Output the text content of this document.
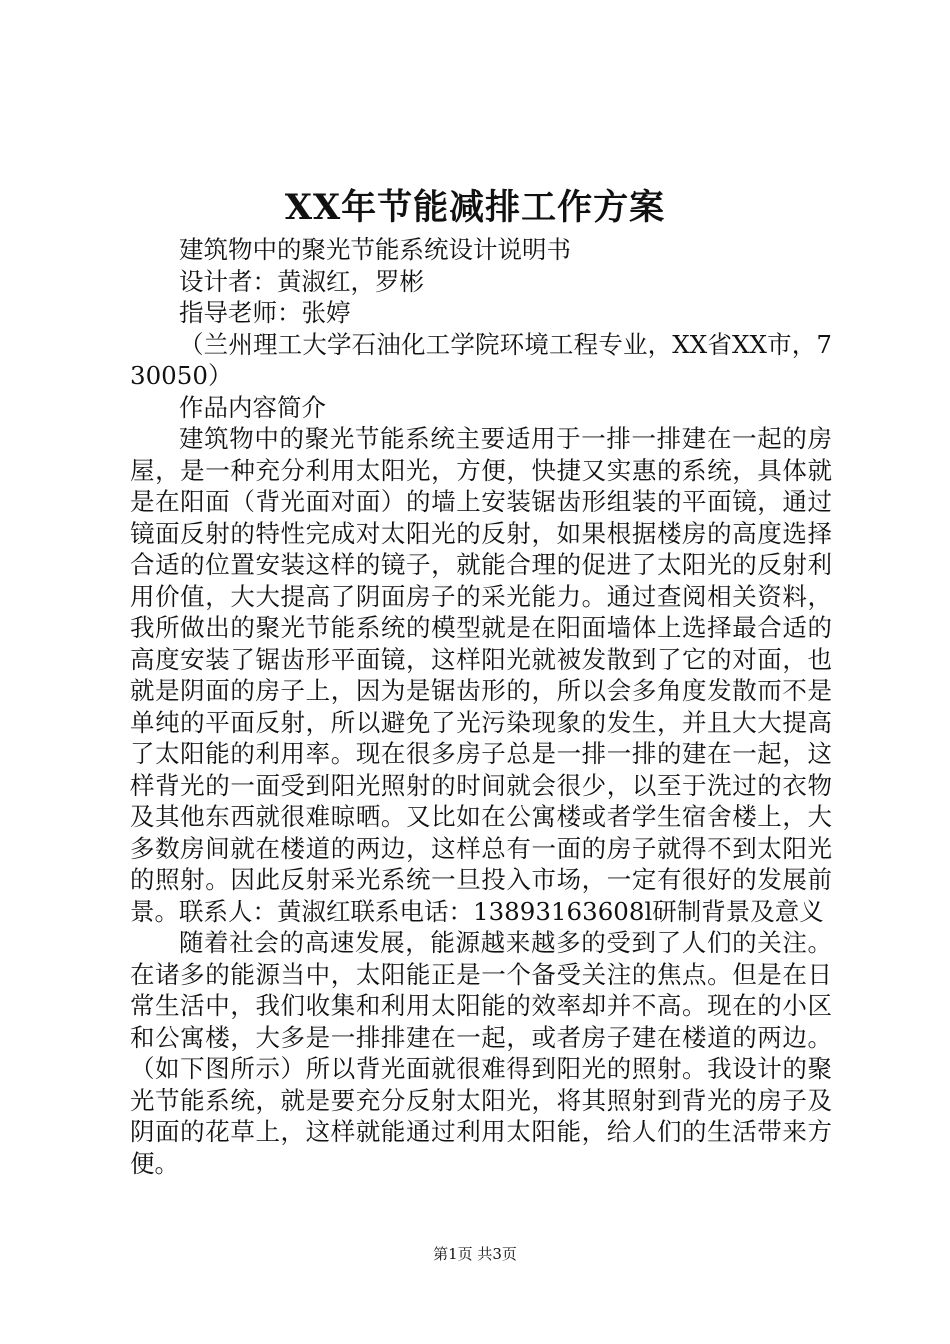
XX年节能减排工作方案

建筑物中的聚光节能系统设计说明书

设计者：黄淑红，罗彬

指导老师：张婷

（兰州理工大学石油化工学院环境工程专业，XX省XX市，730050）

作品内容简介

建筑物中的聚光节能系统主要适用于一排一排建在一起的房屋，是一种充分利用太阳光，方便，快捷又实惠的系统，具体就是在阳面（背光面对面）的墙上安装锯齿形组装的平面镜，通过镜面反射的特性完成对太阳光的反射，如果根据楼房的高度选择合适的位置安装这样的镜子，就能合理的促进了太阳光的反射利用价值，大大提高了阴面房子的采光能力。通过查阅相关资料，我所做出的聚光节能系统的模型就是在阳面墙体上选择最合适的高度安装了锯齿形平面镜，这样阳光就被发散到了它的对面，也就是阴面的房子上，因为是锯齿形的，所以会多角度发散而不是单纯的平面反射，所以避免了光污染现象的发生，并且大大提高了太阳能的利用率。现在很多房子总是一排一排的建在一起，这样背光的一面受到阳光照射的时间就会很少，以至于洗过的衣物及其他东西就很难晾晒。又比如在公寓楼或者学生宿舍楼上，大多数房间就在楼道的两边，这样总有一面的房子就得不到太阳光的照射。因此反射采光系统一旦投入市场，一定有很好的发展前景。联系人：黄淑红联系电话：13893163608l研制背景及意义

随着社会的高速发展，能源越来越多的受到了人们的关注。在诸多的能源当中，太阳能正是一个备受关注的焦点。但是在日常生活中，我们收集和利用太阳能的效率却并不高。现在的小区和公寓楼，大多是一排排建在一起，或者房子建在楼道的两边。（如下图所示）所以背光面就很难得到阳光的照射。我设计的聚光节能系统，就是要充分反射太阳光，将其照射到背光的房子及阴面的花草上，这样就能通过利用太阳能，给人们的生活带来方便。

第1页 共3页
